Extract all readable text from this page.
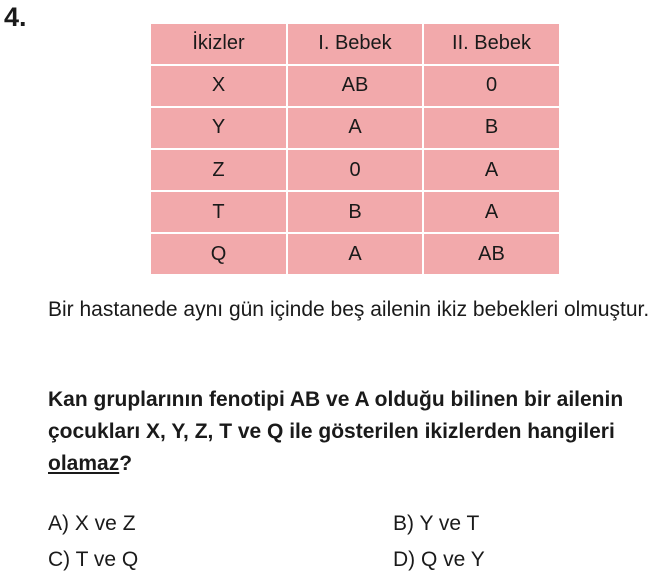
4.
İkizler	I. Bebek	II. Bebek
X	AB	0
Y	A	B
Z	0	A
T	B	A
Q	A	AB

Bir hastanede aynı gün içinde beş ailenin ikiz bebekleri olmuştur.

Kan gruplarının fenotipi AB ve A olduğu bilinen bir ailenin çocukları X, Y, Z, T ve Q ile gösterilen ikizlerden hangileri olamaz?

A) X ve Z	B) Y ve T
C) T ve Q	D) Q ve Y
